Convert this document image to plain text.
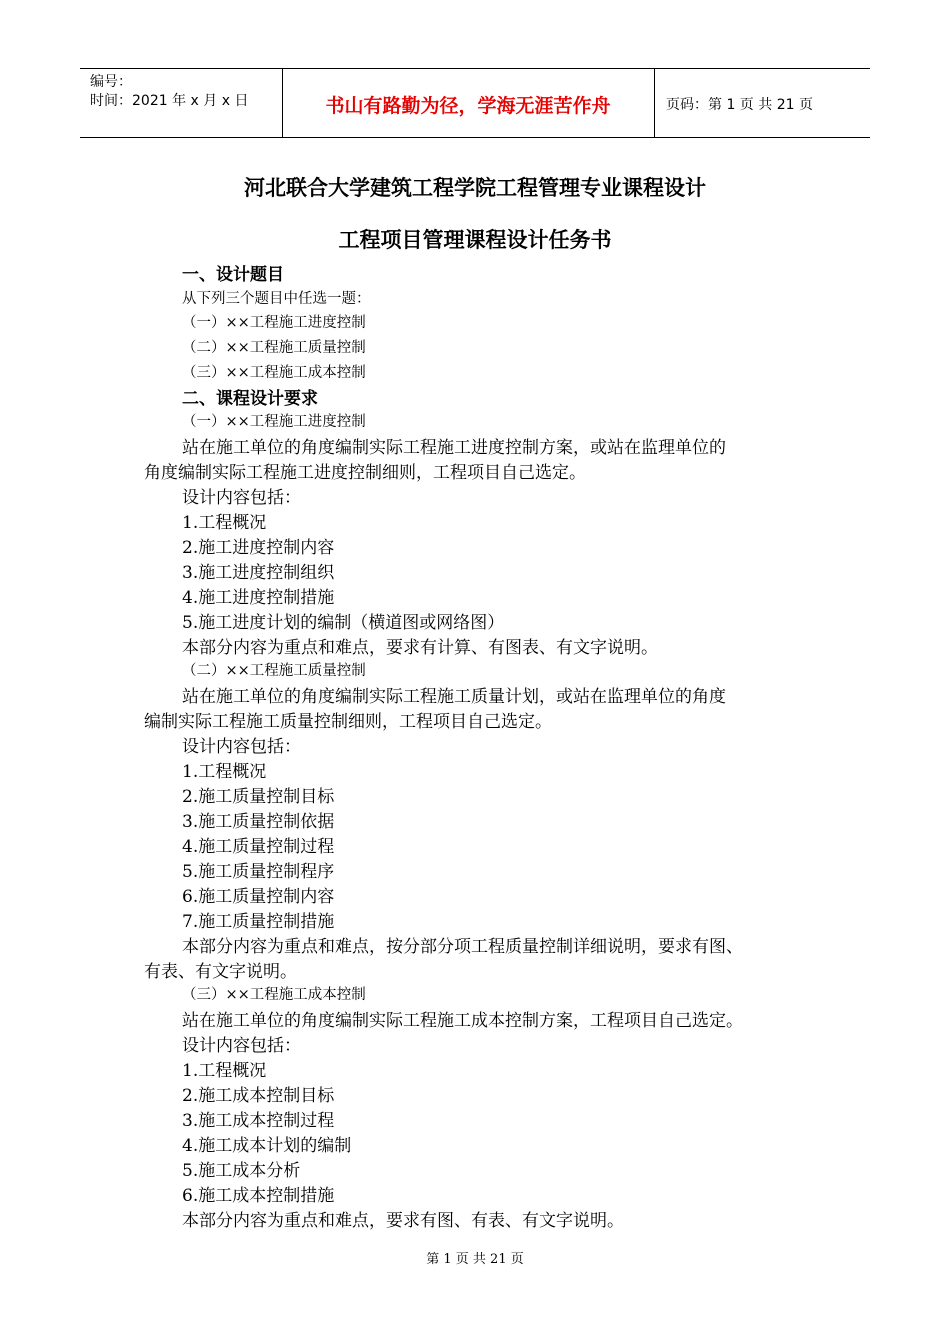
编号：
时间：2021 年 x 月 x 日	书山有路勤为径，学海无涯苦作舟	页码：第 1 页 共 21 页
河北联合大学建筑工程学院工程管理专业课程设计
工程项目管理课程设计任务书
一、设计题目
从下列三个题目中任选一题：
（一）××工程施工进度控制
（二）××工程施工质量控制
（三）××工程施工成本控制
二、课程设计要求
（一）××工程施工进度控制
站在施工单位的角度编制实际工程施工进度控制方案，或站在监理单位的
角度编制实际工程施工进度控制细则，工程项目自己选定。
设计内容包括：
1.工程概况
2.施工进度控制内容
3.施工进度控制组织
4.施工进度控制措施
5.施工进度计划的编制（横道图或网络图）
本部分内容为重点和难点，要求有计算、有图表、有文字说明。
（二）××工程施工质量控制
站在施工单位的角度编制实际工程施工质量计划，或站在监理单位的角度
编制实际工程施工质量控制细则，工程项目自己选定。
设计内容包括：
1.工程概况
2.施工质量控制目标
3.施工质量控制依据
4.施工质量控制过程
5.施工质量控制程序
6.施工质量控制内容
7.施工质量控制措施
本部分内容为重点和难点，按分部分项工程质量控制详细说明，要求有图、
有表、有文字说明。
（三）××工程施工成本控制
站在施工单位的角度编制实际工程施工成本控制方案，工程项目自己选定。
设计内容包括：
1.工程概况
2.施工成本控制目标
3.施工成本控制过程
4.施工成本计划的编制
5.施工成本分析
6.施工成本控制措施
本部分内容为重点和难点，要求有图、有表、有文字说明。
第 1 页 共 21 页
